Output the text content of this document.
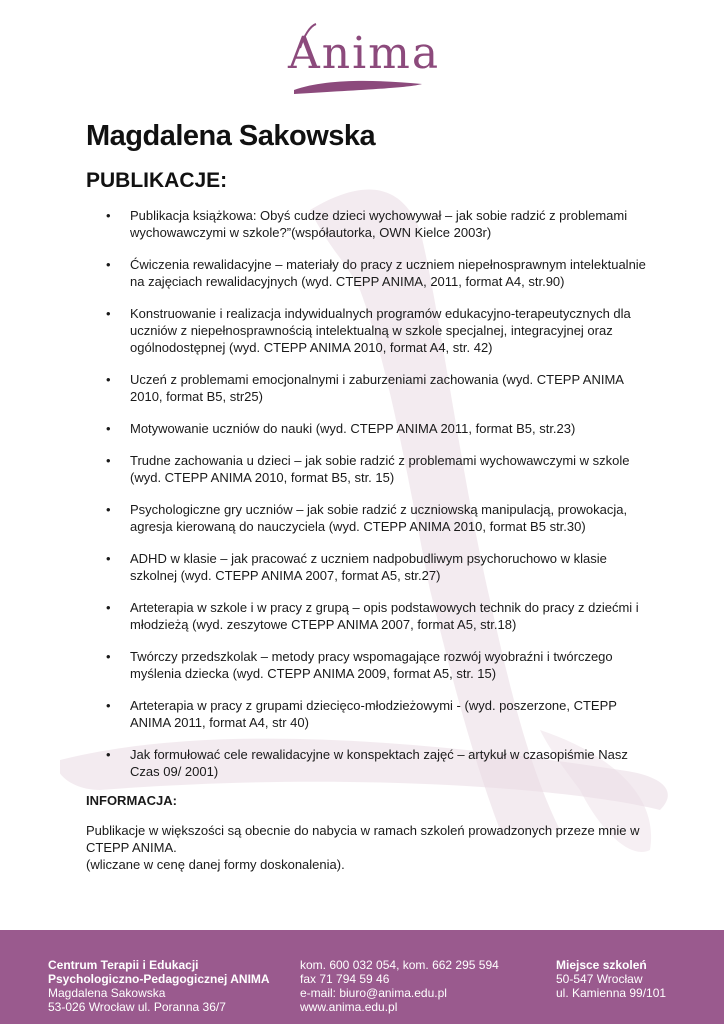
Anima
Magdalena Sakowska
PUBLIKACJE:
• Publikacja książkowa: Obyś cudze dzieci wychowywał – jak sobie radzić z problemami wychowawczymi w szkole?”(współautorka, OWN Kielce 2003r)
• Ćwiczenia rewalidacyjne – materiały do pracy z uczniem niepełnosprawnym intelektualnie na zajęciach rewalidacyjnych (wyd. CTEPP ANIMA, 2011, format A4, str.90)
• Konstruowanie i realizacja indywidualnych programów edukacyjno-terapeutycznych dla uczniów z niepełnosprawnością intelektualną w szkole specjalnej, integracyjnej oraz ogólnodostępnej (wyd. CTEPP ANIMA 2010, format A4, str. 42)
• Uczeń z problemami emocjonalnymi i zaburzeniami zachowania (wyd. CTEPP ANIMA 2010, format B5, str25)
• Motywowanie uczniów do nauki (wyd. CTEPP ANIMA 2011, format B5, str.23)
• Trudne zachowania u dzieci – jak sobie radzić z problemami wychowawczymi w szkole (wyd. CTEPP ANIMA 2010, format B5, str. 15)
• Psychologiczne gry uczniów – jak sobie radzić z uczniowską manipulacją, prowokacja, agresja kierowaną do nauczyciela (wyd. CTEPP ANIMA 2010, format B5 str.30)
• ADHD w klasie – jak pracować z uczniem nadpobudliwym psychoruchowo w klasie szkolnej (wyd. CTEPP ANIMA 2007, format A5, str.27)
• Arteterapia w szkole i w pracy z grupą – opis podstawowych technik do pracy z dziećmi i młodzieżą (wyd. zeszytowe CTEPP ANIMA 2007, format A5, str.18)
• Twórczy przedszkolak – metody pracy wspomagające rozwój wyobraźni i twórczego myślenia dziecka (wyd. CTEPP ANIMA 2009, format A5, str. 15)
• Arteterapia w pracy z grupami dziecięco-młodzieżowymi - (wyd. poszerzone, CTEPP ANIMA 2011, format A4, str 40)
• Jak formułować cele rewalidacyjne w konspektach zajęć – artykuł w czasopiśmie Nasz Czas 09/ 2001)
INFORMACJA:
Publikacje w większości są obecnie do nabycia w ramach szkoleń prowadzonych przeze mnie w CTEPP ANIMA.
(wliczane w cenę danej formy doskonalenia).
Centrum Terapii i Edukacji
Psychologiczno-Pedagogicznej ANIMA
Magdalena Sakowska
53-026 Wrocław ul. Poranna 36/7
kom. 600 032 054, kom. 662 295 594
fax 71 794 59 46
e-mail: biuro@anima.edu.pl
www.anima.edu.pl
Miejsce szkoleń
50-547 Wrocław
ul. Kamienna 99/101
